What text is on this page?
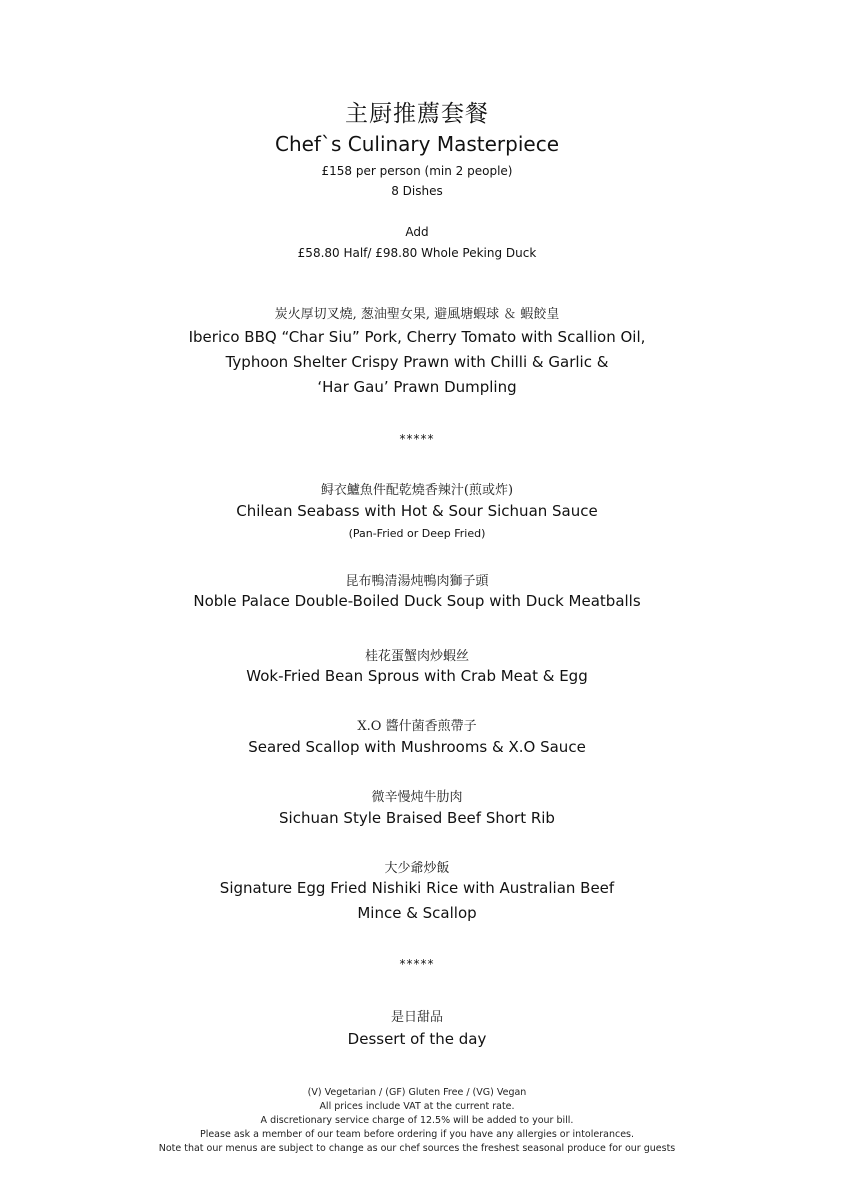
主厨推薦套餐
Chef`s Culinary Masterpiece
£158 per person (min 2 people)
8 Dishes
Add
£58.80 Half/ £98.80 Whole Peking Duck
炭火厚切叉燒, 葱油聖女果, 避風塘蝦球 ＆ 蝦餃皇
Iberico BBQ “Char Siu” Pork, Cherry Tomato with Scallion Oil,
Typhoon Shelter Crispy Prawn with Chilli & Garlic &
‘Har Gau’ Prawn Dumpling
*****
鲟衣鱸魚件配乾燒香辣汁(煎或炸)
Chilean Seabass with Hot & Sour Sichuan Sauce
(Pan-Fried or Deep Fried)
昆布鴨清湯炖鴨肉獅子頭
Noble Palace Double-Boiled Duck Soup with Duck Meatballs
桂花蛋蟹肉炒蝦丝
Wok-Fried Bean Sprous with Crab Meat & Egg
X.O 醬什菌香煎帶子
Seared Scallop with Mushrooms & X.O Sauce
微辛慢炖牛肋肉
Sichuan Style Braised Beef Short Rib
大少爺炒飯
Signature Egg Fried Nishiki Rice with Australian Beef
Mince & Scallop
*****
是日甜品
Dessert of the day
(V) Vegetarian / (GF) Gluten Free / (VG) Vegan
All prices include VAT at the current rate.
A discretionary service charge of 12.5% will be added to your bill.
Please ask a member of our team before ordering if you have any allergies or intolerances.
Note that our menus are subject to change as our chef sources the freshest seasonal produce for our guests
